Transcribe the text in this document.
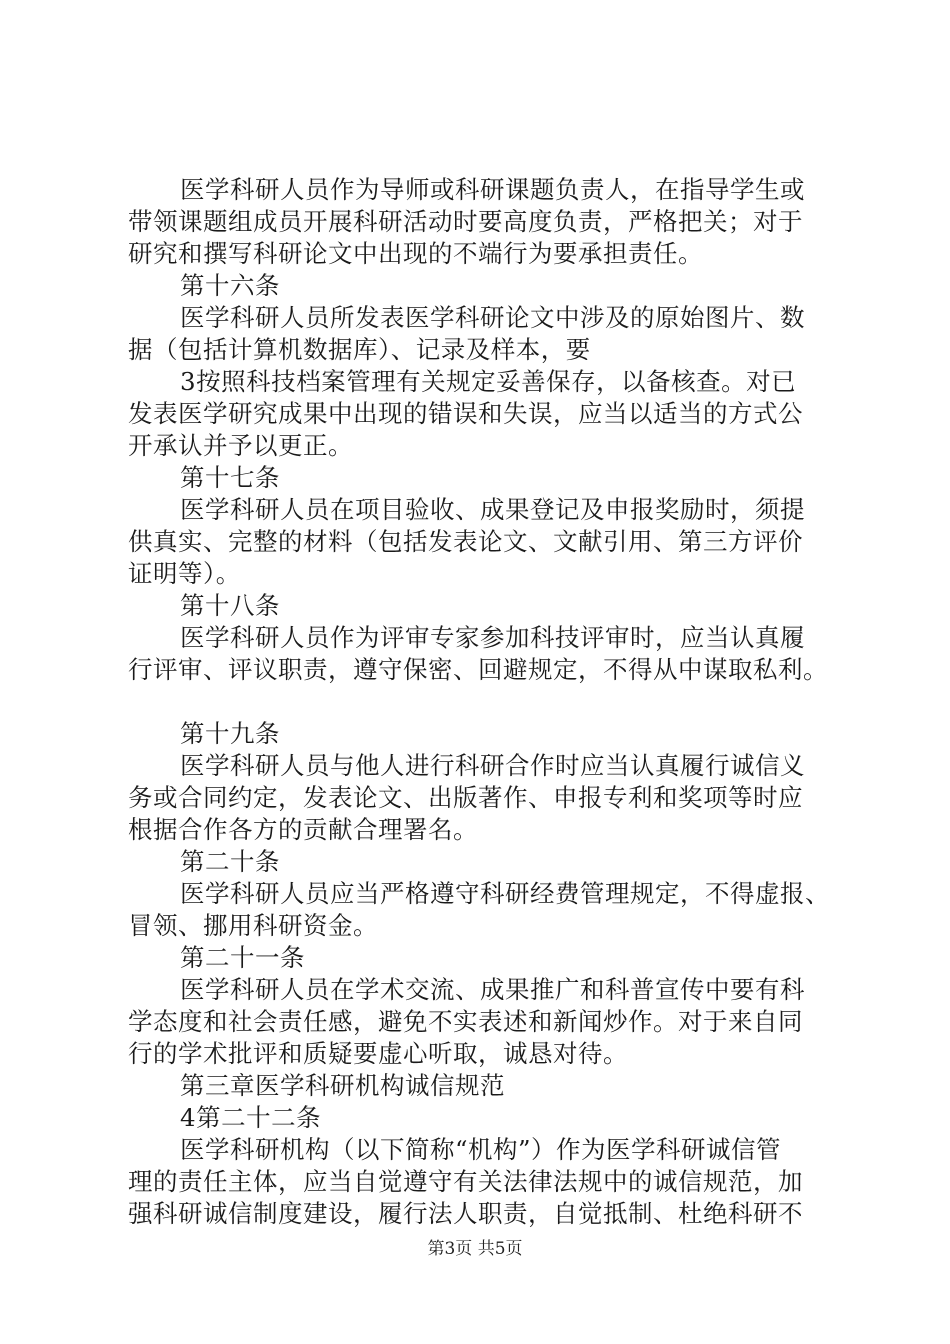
医学科研人员作为导师或科研课题负责人，在指导学生或
带领课题组成员开展科研活动时要高度负责，严格把关；对于
研究和撰写科研论文中出现的不端行为要承担责任。
第十六条
医学科研人员所发表医学科研论文中涉及的原始图片、数
据（包括计算机数据库）、记录及样本，要
3按照科技档案管理有关规定妥善保存，以备核查。对已
发表医学研究成果中出现的错误和失误，应当以适当的方式公
开承认并予以更正。
第十七条
医学科研人员在项目验收、成果登记及申报奖励时，须提
供真实、完整的材料（包括发表论文、文献引用、第三方评价
证明等）。
第十八条
医学科研人员作为评审专家参加科技评审时，应当认真履
行评审、评议职责，遵守保密、回避规定，不得从中谋取私利。
第十九条
医学科研人员与他人进行科研合作时应当认真履行诚信义
务或合同约定，发表论文、出版著作、申报专利和奖项等时应
根据合作各方的贡献合理署名。
第二十条
医学科研人员应当严格遵守科研经费管理规定，不得虚报、
冒领、挪用科研资金。
第二十一条
医学科研人员在学术交流、成果推广和科普宣传中要有科
学态度和社会责任感，避免不实表述和新闻炒作。对于来自同
行的学术批评和质疑要虚心听取，诚恳对待。
第三章医学科研机构诚信规范
4第二十二条
医学科研机构（以下简称“机构”）作为医学科研诚信管
理的责任主体，应当自觉遵守有关法律法规中的诚信规范，加
强科研诚信制度建设，履行法人职责，自觉抵制、杜绝科研不
第3页 共5页
